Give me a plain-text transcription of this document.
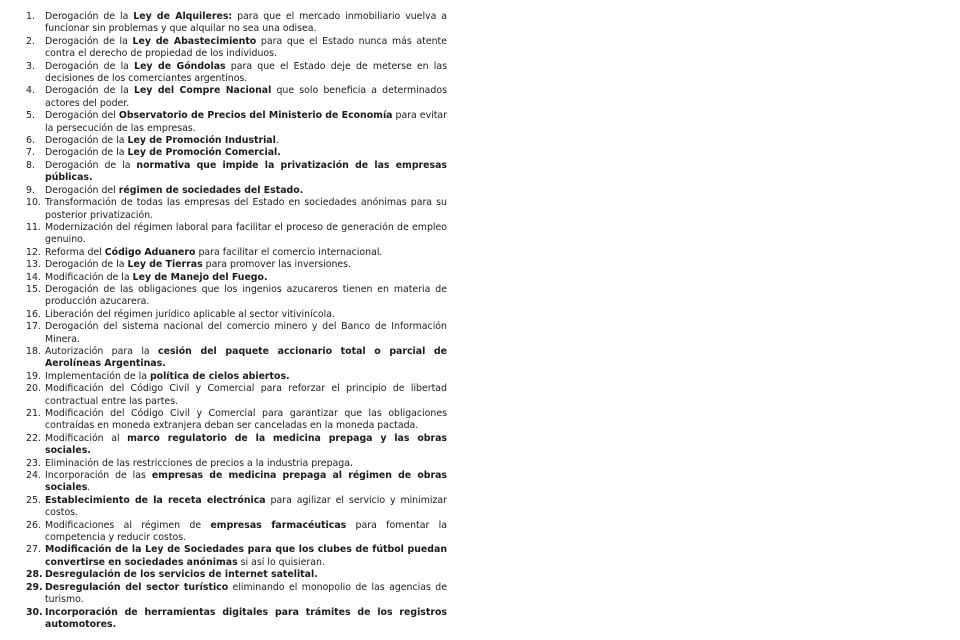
1.	Derogación de la Ley de Alquileres: para que el mercado inmobiliario vuelva a funcionar sin problemas y que alquilar no sea una odisea.
2.	Derogación de la Ley de Abastecimiento para que el Estado nunca más atente contra el derecho de propiedad de los individuos.
3.	Derogación de la Ley de Góndolas para que el Estado deje de meterse en las decisiones de los comerciantes argentinos.
4.	Derogación de la Ley del Compre Nacional que solo beneficia a determinados actores del poder.
5.	Derogación del Observatorio de Precios del Ministerio de Economía para evitar la persecución de las empresas.
6.	Derogación de la Ley de Promoción Industrial.
7.	Derogación de la Ley de Promoción Comercial.
8.	Derogación de la normativa que impide la privatización de las empresas públicas.
9.	Derogación del régimen de sociedades del Estado.
10. Transformación de todas las empresas del Estado en sociedades anónimas para su posterior privatización.
11. Modernización del régimen laboral para facilitar el proceso de generación de empleo genuino.
12. Reforma del Código Aduanero para facilitar el comercio internacional.
13. Derogación de la Ley de Tierras para promover las inversiones.
14. Modificación de la Ley de Manejo del Fuego.
15. Derogación de las obligaciones que los ingenios azucareros tienen en materia de producción azucarera.
16. Liberación del régimen jurídico aplicable al sector vitivinícola.
17. Derogación del sistema nacional del comercio minero y del Banco de Información Minera.
18. Autorización para la cesión del paquete accionario total o parcial de Aerolíneas Argentinas.
19. Implementación de la política de cielos abiertos.
20. Modificación del Código Civil y Comercial para reforzar el principio de libertad contractual entre las partes.
21. Modificación del Código Civil y Comercial para garantizar que las obligaciones contraídas en moneda extranjera deban ser canceladas en la moneda pactada.
22. Modificación al marco regulatorio de la medicina prepaga y las obras sociales.
23. Eliminación de las restricciones de precios a la industria prepaga.
24. Incorporación de las empresas de medicina prepaga al régimen de obras sociales.
25. Establecimiento de la receta electrónica para agilizar el servicio y minimizar costos.
26. Modificaciones al régimen de empresas farmacéuticas para fomentar la competencia y reducir costos.
27. Modificación de la Ley de Sociedades para que los clubes de fútbol puedan convertirse en sociedades anónimas si así lo quisieran.
28. Desregulación de los servicios de internet satelital.
29. Desregulación del sector turístico eliminando el monopolio de las agencias de turismo.
30. Incorporación de herramientas digitales para trámites de los registros automotores.
